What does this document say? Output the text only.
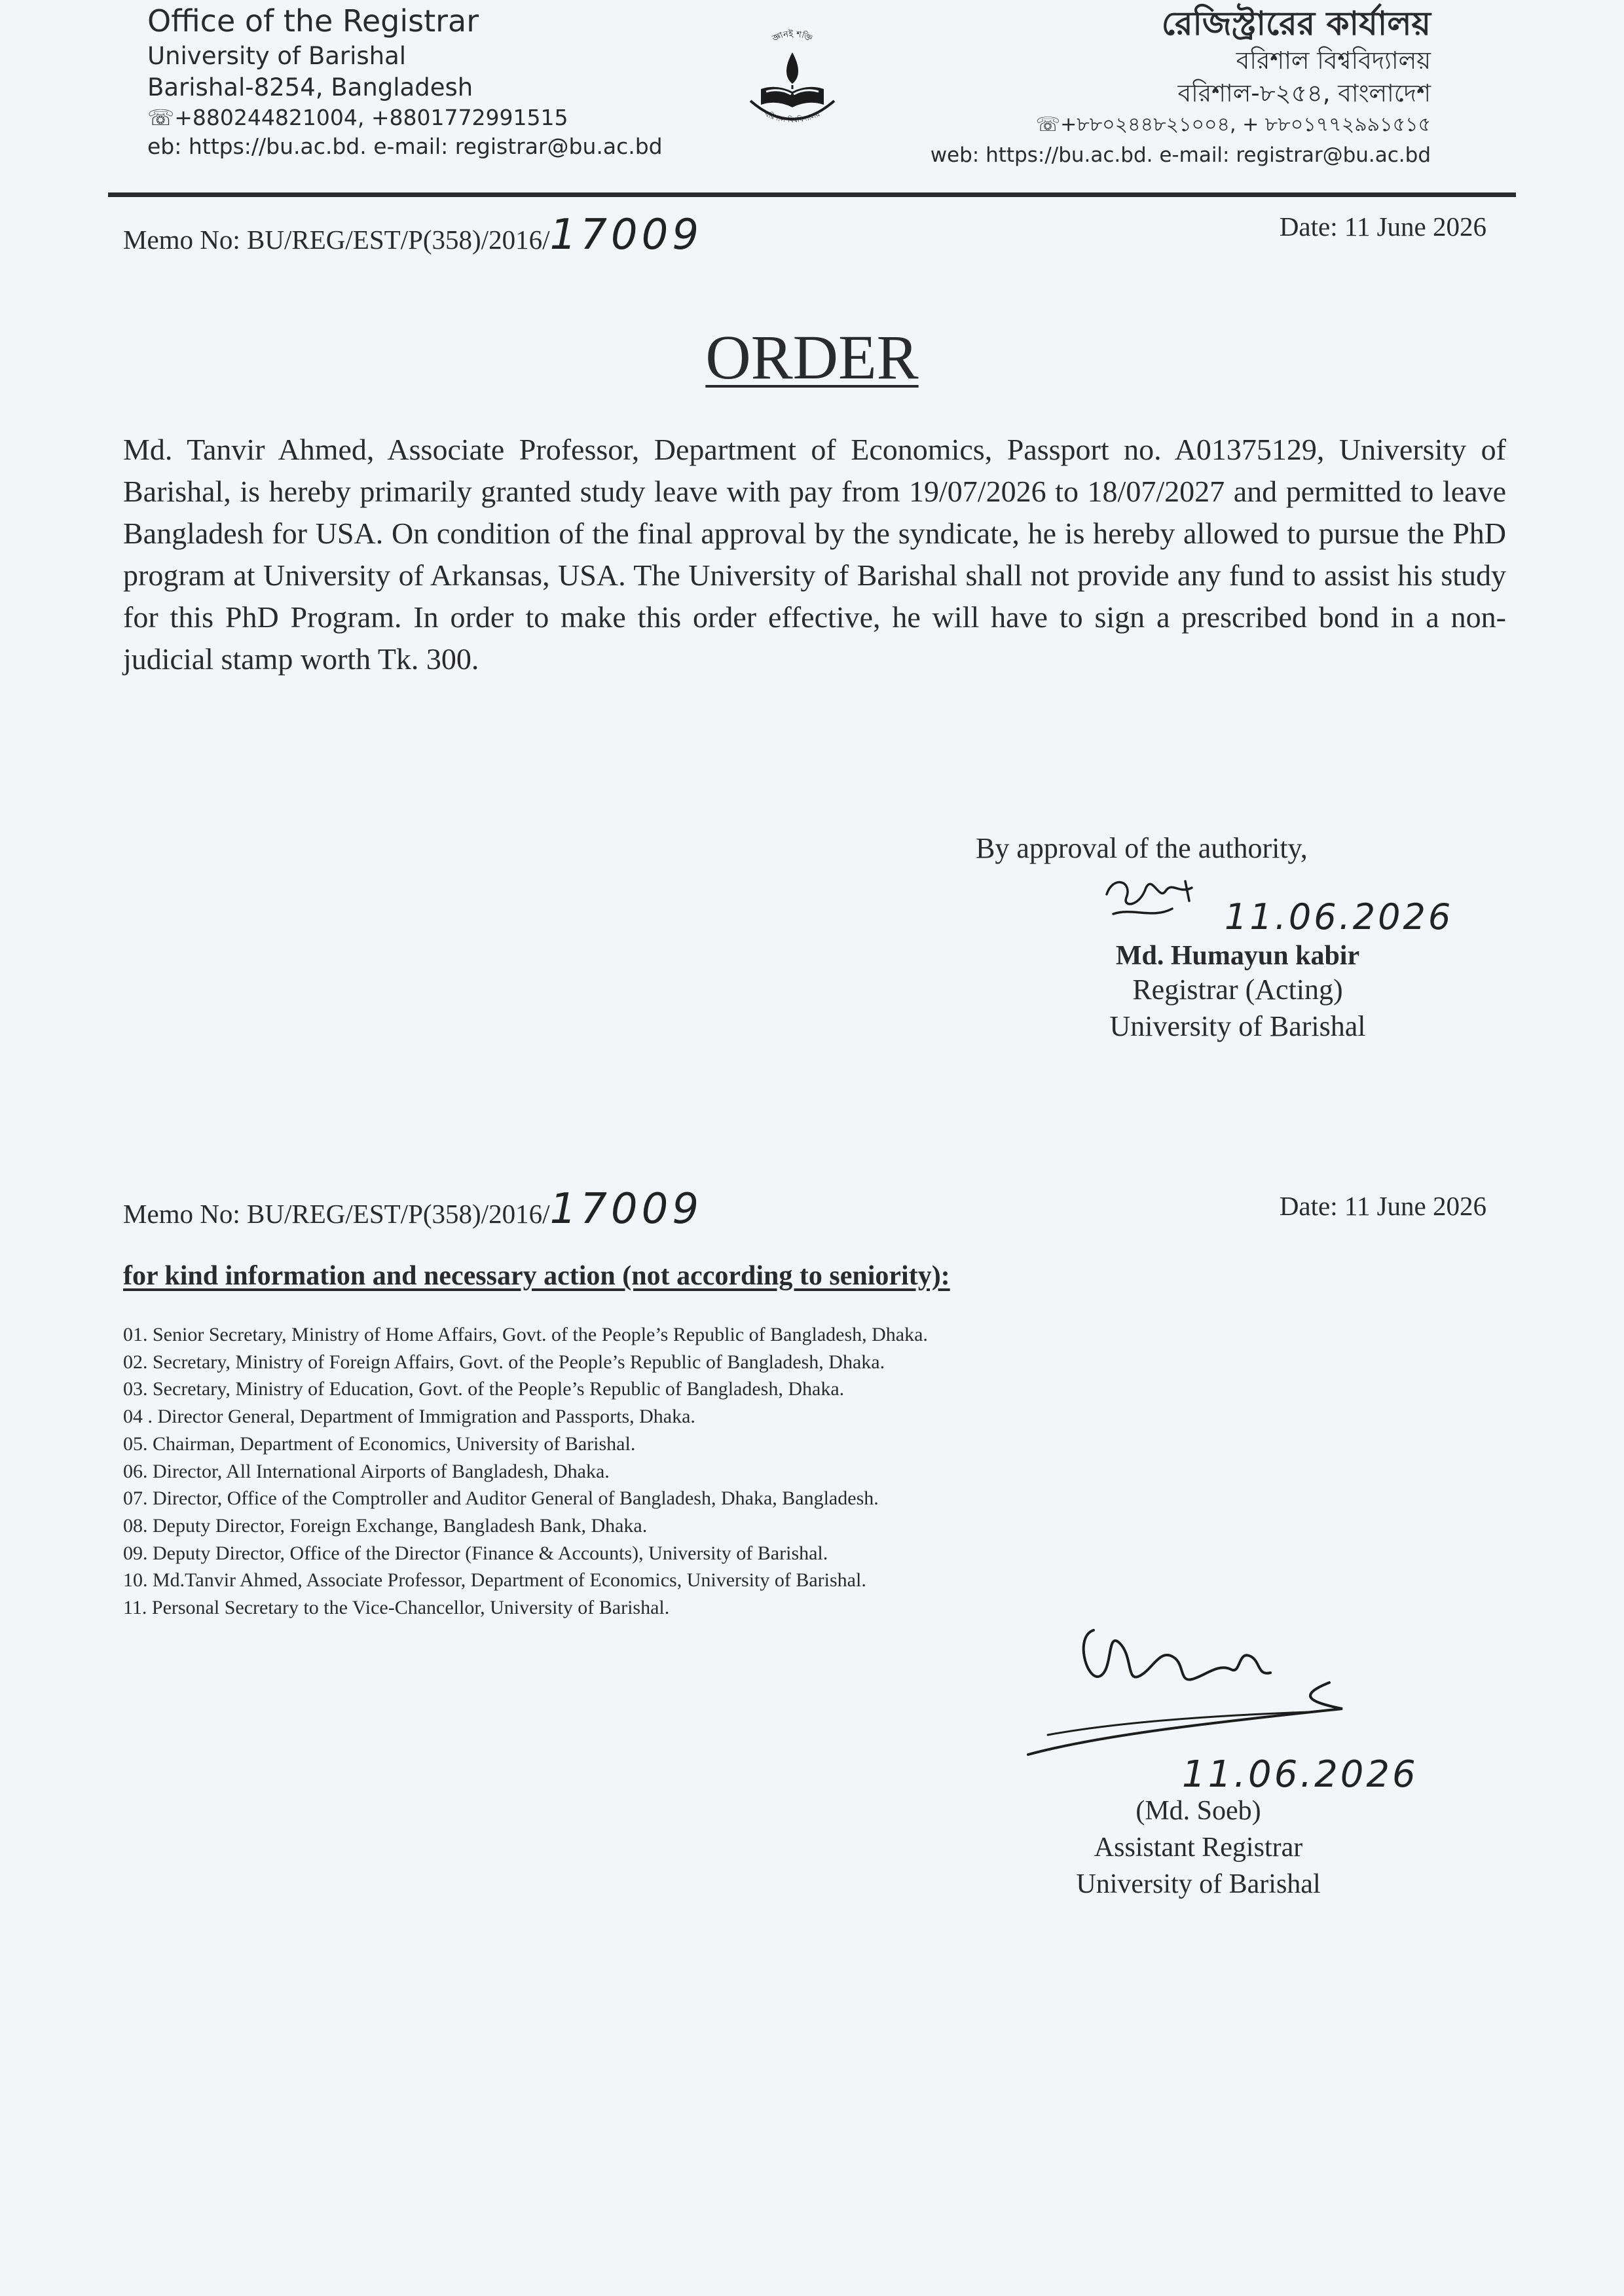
Office of the Registrar
University of Barishal
Barishal-8254, Bangladesh
☏+880244821004, +8801772991515
eb: https://bu.ac.bd. e-mail: registrar@bu.ac.bd
জ্ঞানই শক্তি
বরিশাল বিশ্ববিদ্যালয়
রেজিস্ট্রারের কার্যালয়
বরিশাল বিশ্ববিদ্যালয়
বরিশাল-৮২৫৪, বাংলাদেশ
☏+৮৮০২৪৪৮২১০০৪, + ৮৮০১৭৭২৯৯১৫১৫
web: https://bu.ac.bd. e-mail: registrar@bu.ac.bd
Memo No: BU/REG/EST/P(358)/2016/17009	Date: 11 June 2026
ORDER
Md. Tanvir Ahmed, Associate Professor, Department of Economics, Passport no. A01375129, University of Barishal, is hereby primarily granted study leave with pay from 19/07/2026 to 18/07/2027 and permitted to leave Bangladesh for USA. On condition of the final approval by the syndicate, he is hereby allowed to pursue the PhD program at University of Arkansas, USA. The University of Barishal shall not provide any fund to assist his study for this PhD Program. In order to make this order effective, he will have to sign a prescribed bond in a non-judicial stamp worth Tk. 300.
By approval of the authority,
11.06.2026
Md. Humayun kabir
Registrar (Acting)
University of Barishal
Memo No: BU/REG/EST/P(358)/2016/17009	Date: 11 June 2026
for kind information and necessary action (not according to seniority):
01. Senior Secretary, Ministry of Home Affairs, Govt. of the People’s Republic of Bangladesh, Dhaka.
02. Secretary, Ministry of Foreign Affairs, Govt. of the People’s Republic of Bangladesh, Dhaka.
03. Secretary, Ministry of Education, Govt. of the People’s Republic of Bangladesh, Dhaka.
04 . Director General, Department of Immigration and Passports, Dhaka.
05. Chairman, Department of Economics, University of Barishal.
06. Director, All International Airports of Bangladesh, Dhaka.
07. Director, Office of the Comptroller and Auditor General of Bangladesh, Dhaka, Bangladesh.
08. Deputy Director, Foreign Exchange, Bangladesh Bank, Dhaka.
09. Deputy Director, Office of the Director (Finance & Accounts), University of Barishal.
10. Md.Tanvir Ahmed, Associate Professor, Department of Economics, University of Barishal.
11. Personal Secretary to the Vice-Chancellor, University of Barishal.
11.06.2026
(Md. Soeb)
Assistant Registrar
University of Barishal
